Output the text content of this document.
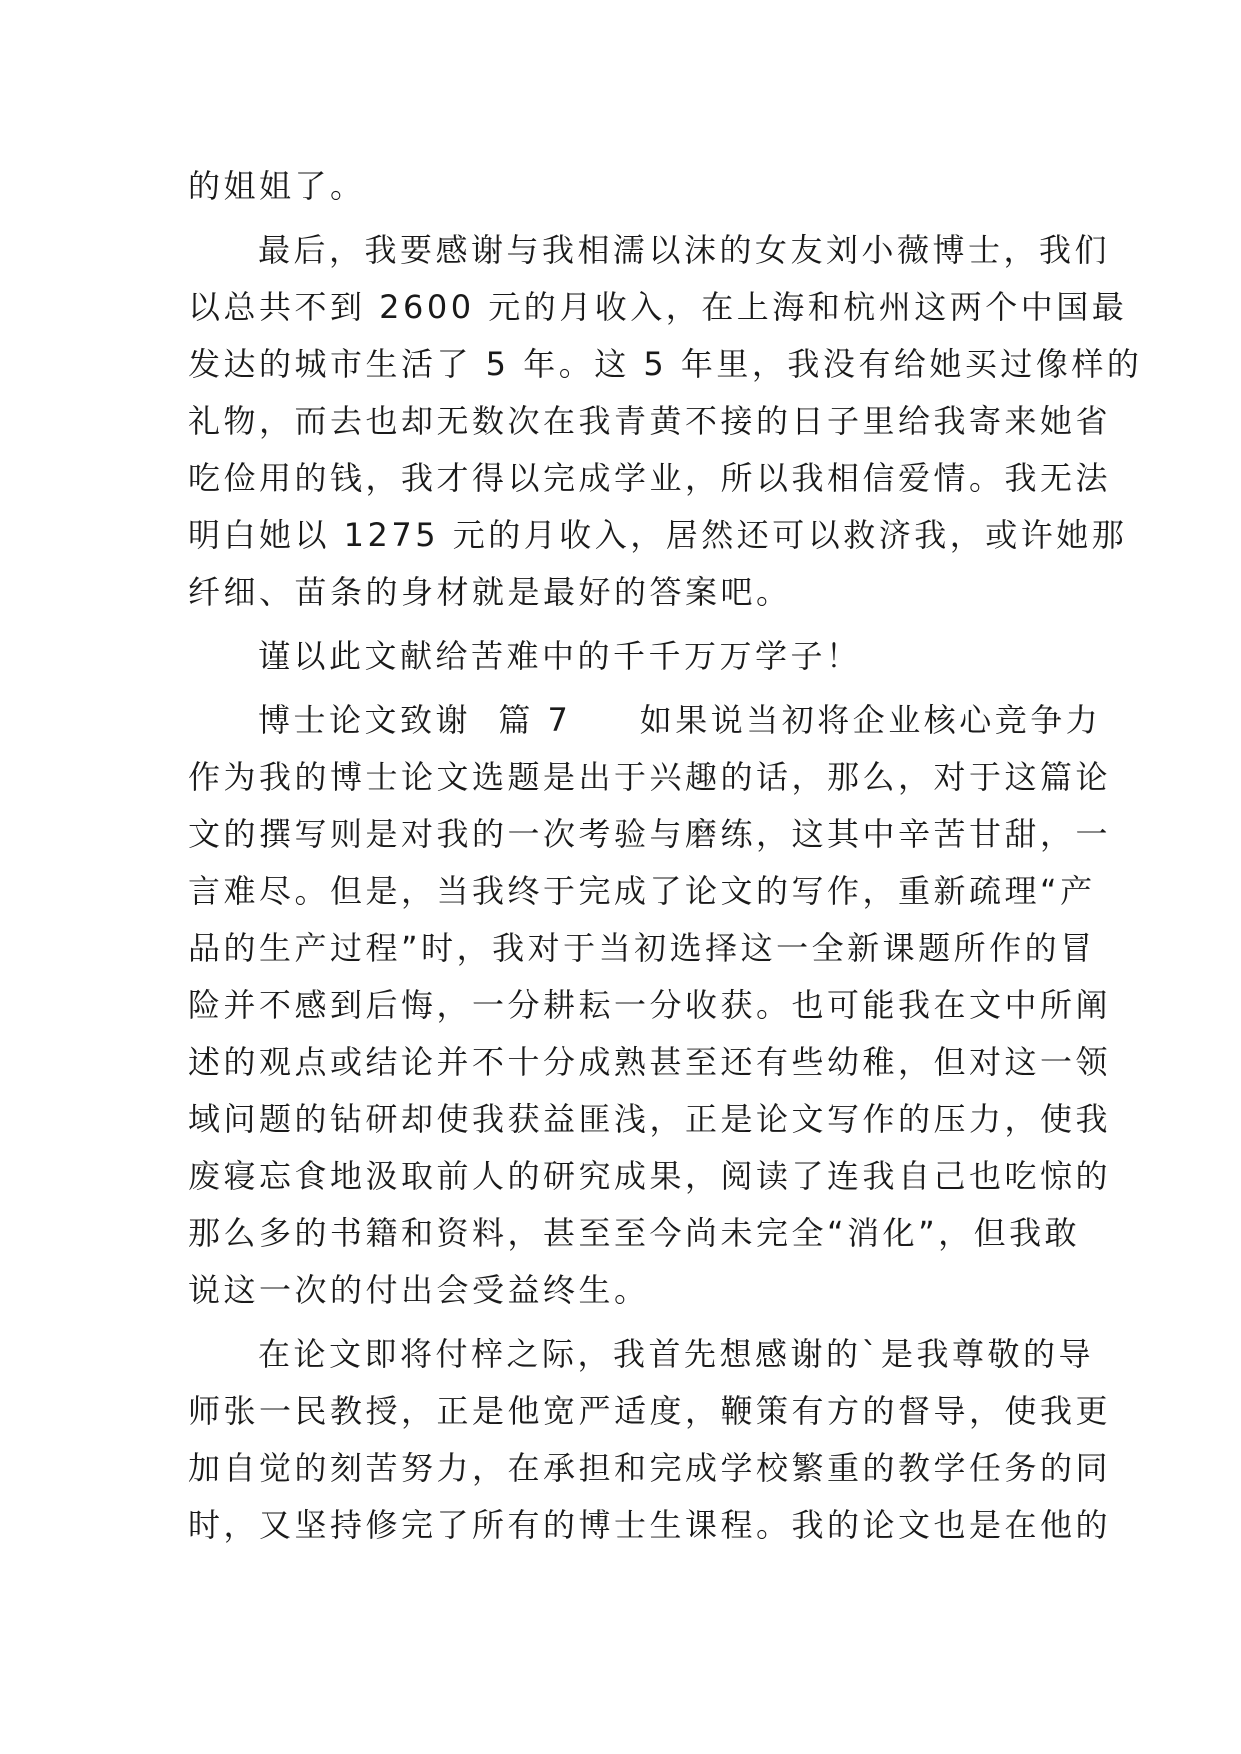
的姐姐了。
最后，我要感谢与我相濡以沫的女友刘小薇博士，我们
以总共不到 2600 元的月收入，在上海和杭州这两个中国最
发达的城市生活了 5 年。这 5 年里，我没有给她买过像样的
礼物，而去也却无数次在我青黄不接的日子里给我寄来她省
吃俭用的钱，我才得以完成学业，所以我相信爱情。我无法
明白她以 1275 元的月收入，居然还可以救济我，或许她那
纤细、苗条的身材就是最好的答案吧。
谨以此文献给苦难中的千千万万学子！
博士论文致谢  篇 7     如果说当初将企业核心竞争力
作为我的博士论文选题是出于兴趣的话，那么，对于这篇论
文的撰写则是对我的一次考验与磨练，这其中辛苦甘甜，一
言难尽。但是，当我终于完成了论文的写作，重新疏理“产
品的生产过程”时，我对于当初选择这一全新课题所作的冒
险并不感到后悔，一分耕耘一分收获。也可能我在文中所阐
述的观点或结论并不十分成熟甚至还有些幼稚，但对这一领
域问题的钻研却使我获益匪浅，正是论文写作的压力，使我
废寝忘食地汲取前人的研究成果，阅读了连我自己也吃惊的
那么多的书籍和资料，甚至至今尚未完全“消化”，但我敢
说这一次的付出会受益终生。
在论文即将付梓之际，我首先想感谢的`是我尊敬的导
师张一民教授，正是他宽严适度，鞭策有方的督导，使我更
加自觉的刻苦努力，在承担和完成学校繁重的教学任务的同
时，又坚持修完了所有的博士生课程。我的论文也是在他的
